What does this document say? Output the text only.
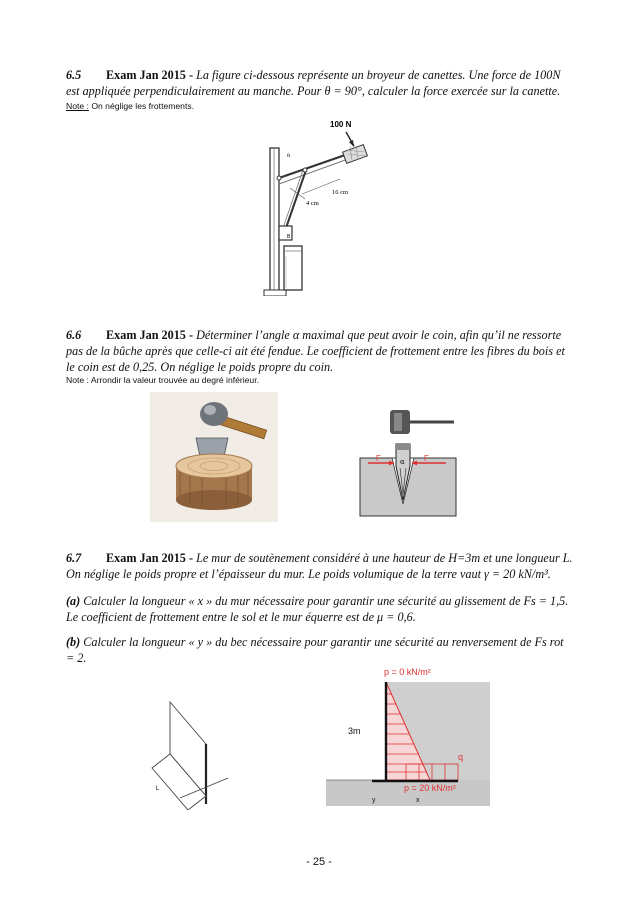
6.5 Exam Jan 2015 - La figure ci-dessous représente un broyeur de canettes. Une force de 100N est appliquée perpendiculairement au manche. Pour θ = 90°, calculer la force exercée sur la canette.
Note : On néglige les frottements.
100 N
θ
16 cm
4 cm
B
6.6 Exam Jan 2015 - Déterminer l’angle α maximal que peut avoir le coin, afin qu’il ne ressorte pas de la bûche après que celle-ci ait été fendue. Le coefficient de frottement entre les fibres du bois et le coin est de 0,25. On néglige le poids propre du coin.
Note : Arrondir la valeur trouvée au degré inférieur.
F	F
α
6.7 Exam Jan 2015 - Le mur de soutènement considéré à une hauteur de H=3m et une longueur L. On néglige le poids propre et l’épaisseur du mur. Le poids volumique de la terre vaut γ = 20 kN/m³.
(a) Calculer la longueur « x » du mur nécessaire pour garantir une sécurité au glissement de Fs = 1,5. Le coefficient de frottement entre le sol et le mur équerre est de μ = 0,6.
(b) Calculer la longueur « y » du bec nécessaire pour garantir une sécurité au renversement de Fs rot = 2.
L
p = 0 kN/m²
3m
q
p = 20 kN/m²
y	x
- 25 -
